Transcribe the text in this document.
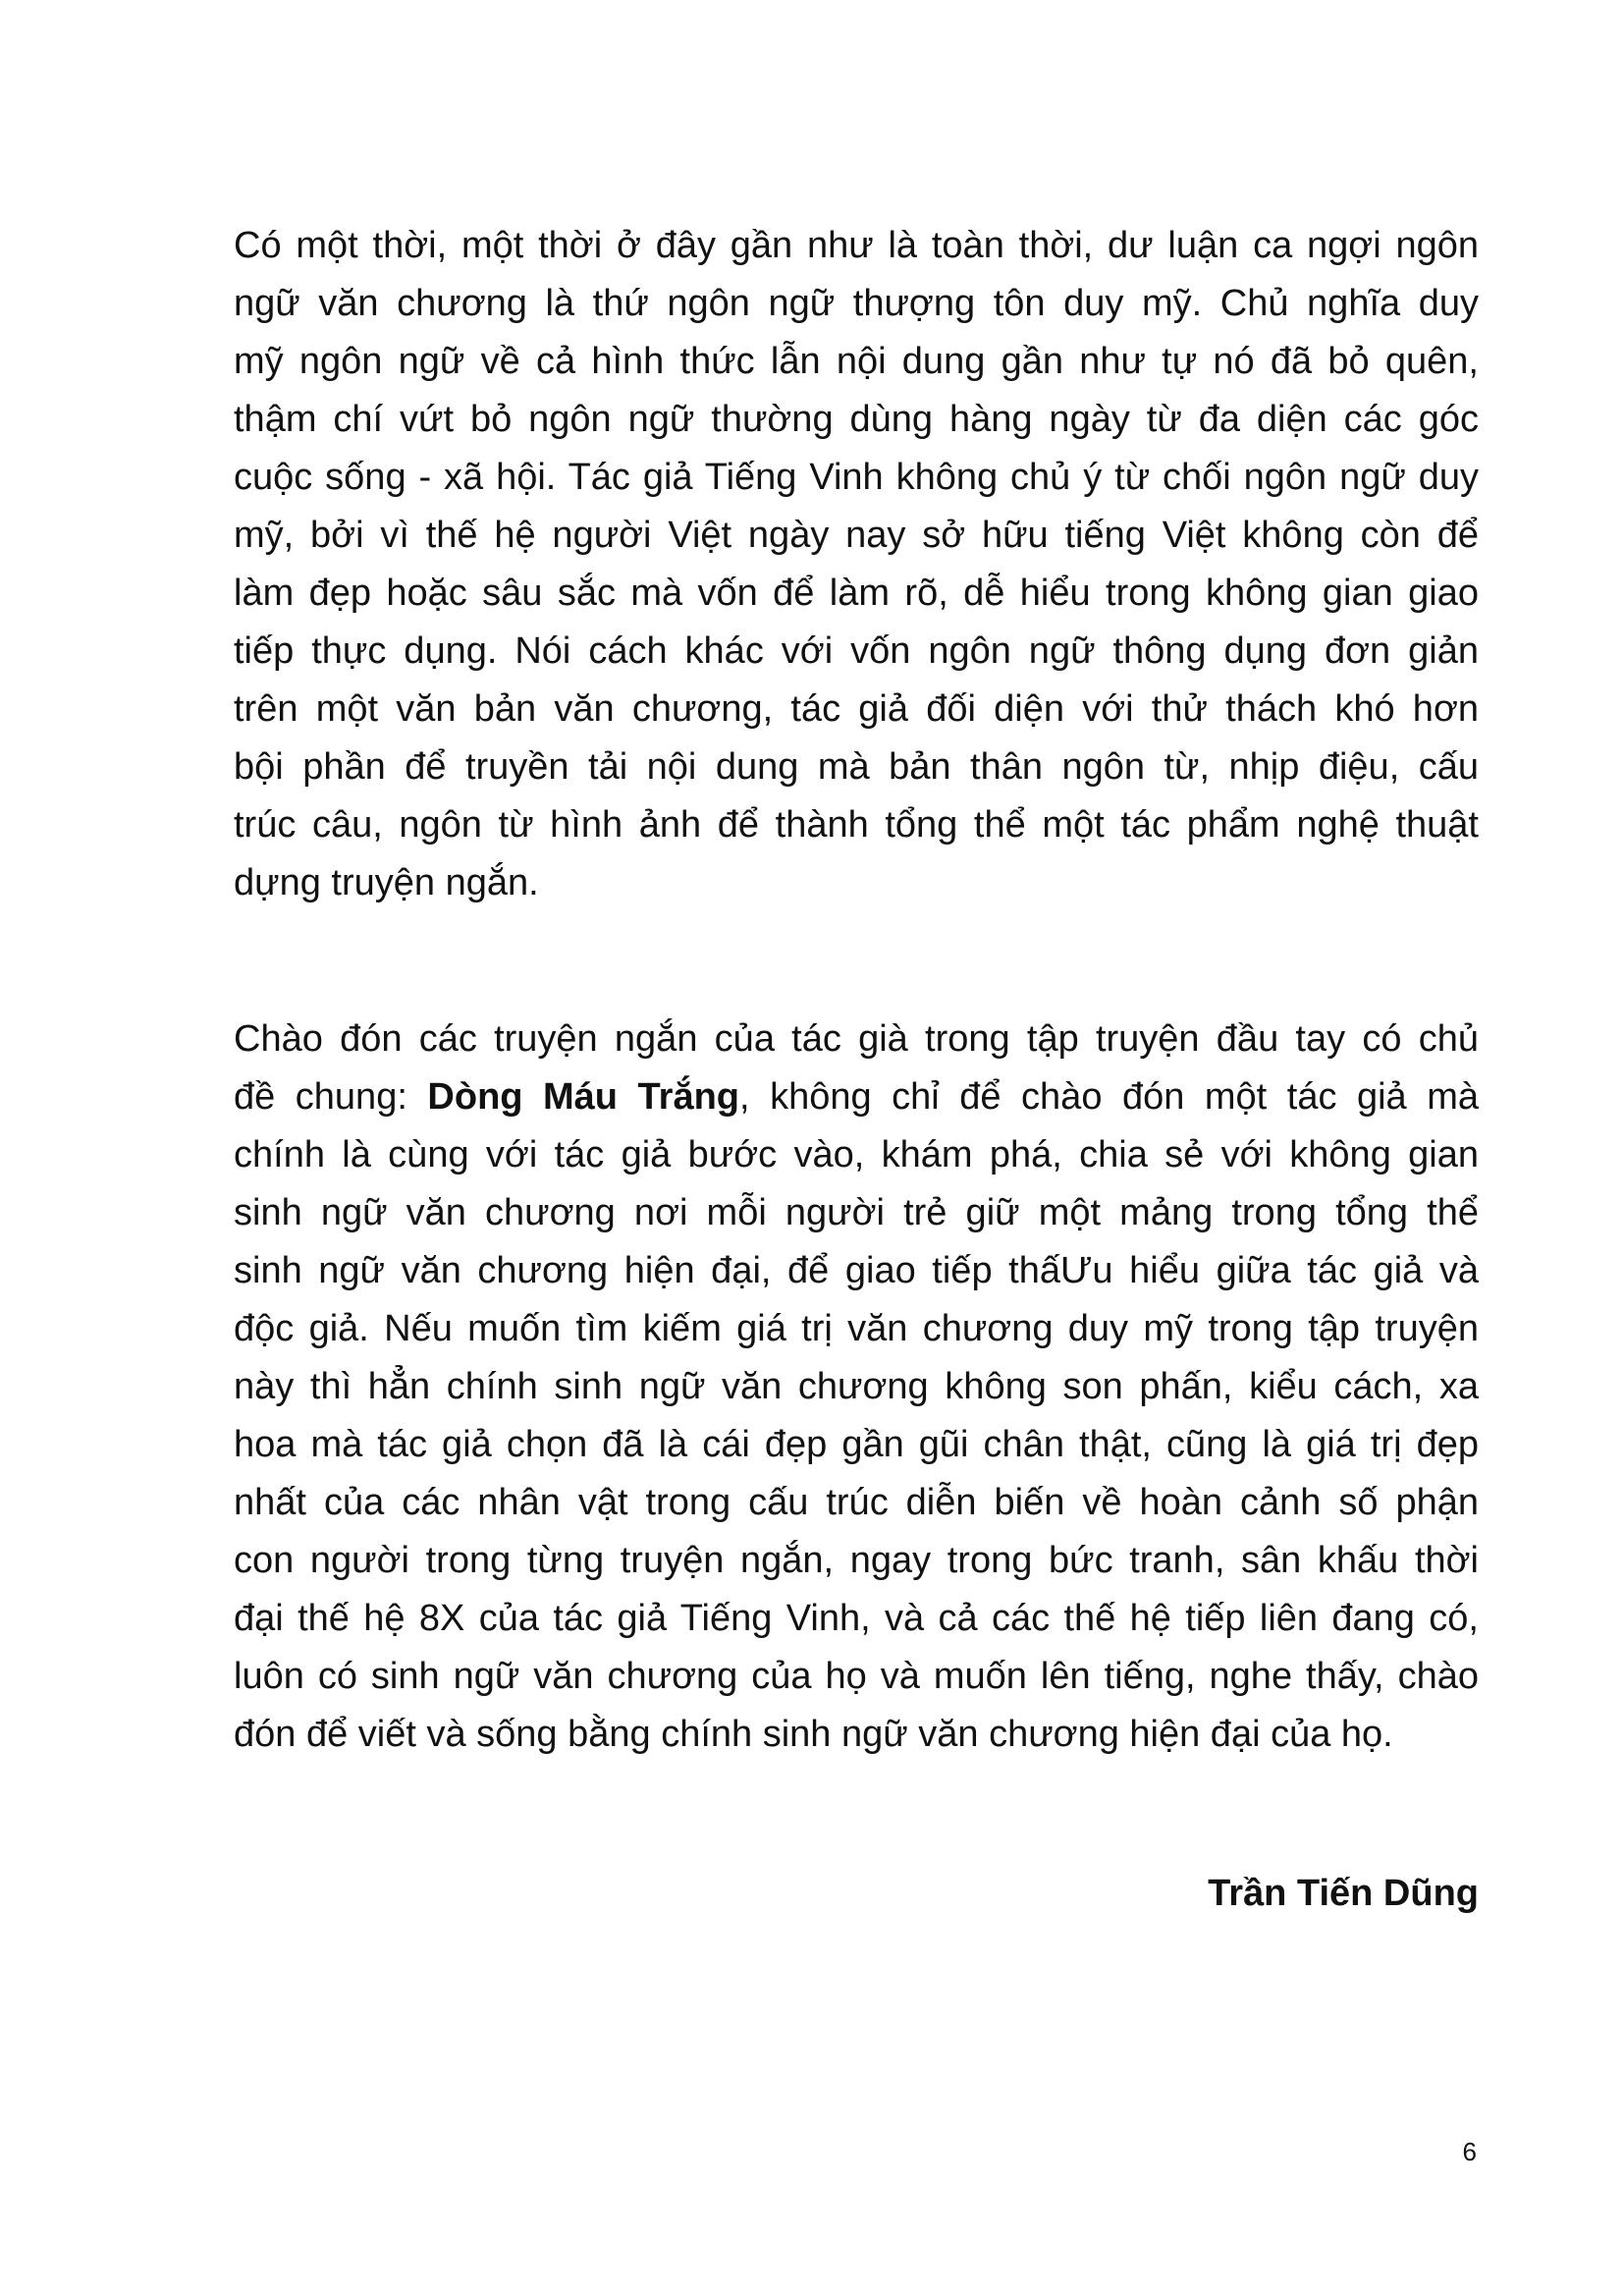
Có một thời, một thời ở đây gần như là toàn thời, dư luận ca ngợi ngôn
ngữ văn chương là thứ ngôn ngữ thượng tôn duy mỹ. Chủ nghĩa duy
mỹ ngôn ngữ về cả hình thức lẫn nội dung gần như tự nó đã bỏ quên,
thậm chí vứt bỏ ngôn ngữ thường dùng hàng ngày từ đa diện các góc
cuộc sống - xã hội. Tác giả Tiếng Vinh không chủ ý từ chối ngôn ngữ duy
mỹ, bởi vì thế hệ người Việt ngày nay sở hữu tiếng Việt không còn để
làm đẹp hoặc sâu sắc mà vốn để làm rõ, dễ hiểu trong không gian giao
tiếp thực dụng. Nói cách khác với vốn ngôn ngữ thông dụng đơn giản
trên một văn bản văn chương, tác giả đối diện với thử thách khó hơn
bội phần để truyền tải nội dung mà bản thân ngôn từ, nhịp điệu, cấu
trúc câu, ngôn từ hình ảnh để thành tổng thể một tác phẩm nghệ thuật
dựng truyện ngắn.
Chào đón các truyện ngắn của tác già trong tập truyện đầu tay có chủ
đề chung: Dòng Máu Trắng, không chỉ để chào đón một tác giả mà
chính là cùng với tác giả bước vào, khám phá, chia sẻ với không gian
sinh ngữ văn chương nơi mỗi người trẻ giữ một mảng trong tổng thể
sinh ngữ văn chương hiện đại, để giao tiếp thấƯu hiểu giữa tác giả và
độc giả. Nếu muốn tìm kiếm giá trị văn chương duy mỹ trong tập truyện
này thì hẳn chính sinh ngữ văn chương không son phấn, kiểu cách, xa
hoa mà tác giả chọn đã là cái đẹp gần gũi chân thật, cũng là giá trị đẹp
nhất của các nhân vật trong cấu trúc diễn biến về hoàn cảnh số phận
con người trong từng truyện ngắn, ngay trong bức tranh, sân khấu thời
đại thế hệ 8X của tác giả Tiếng Vinh, và cả các thế hệ tiếp liên đang có,
luôn có sinh ngữ văn chương của họ và muốn lên tiếng, nghe thấy, chào
đón để viết và sống bằng chính sinh ngữ văn chương hiện đại của họ.
Trần Tiến Dũng
6
